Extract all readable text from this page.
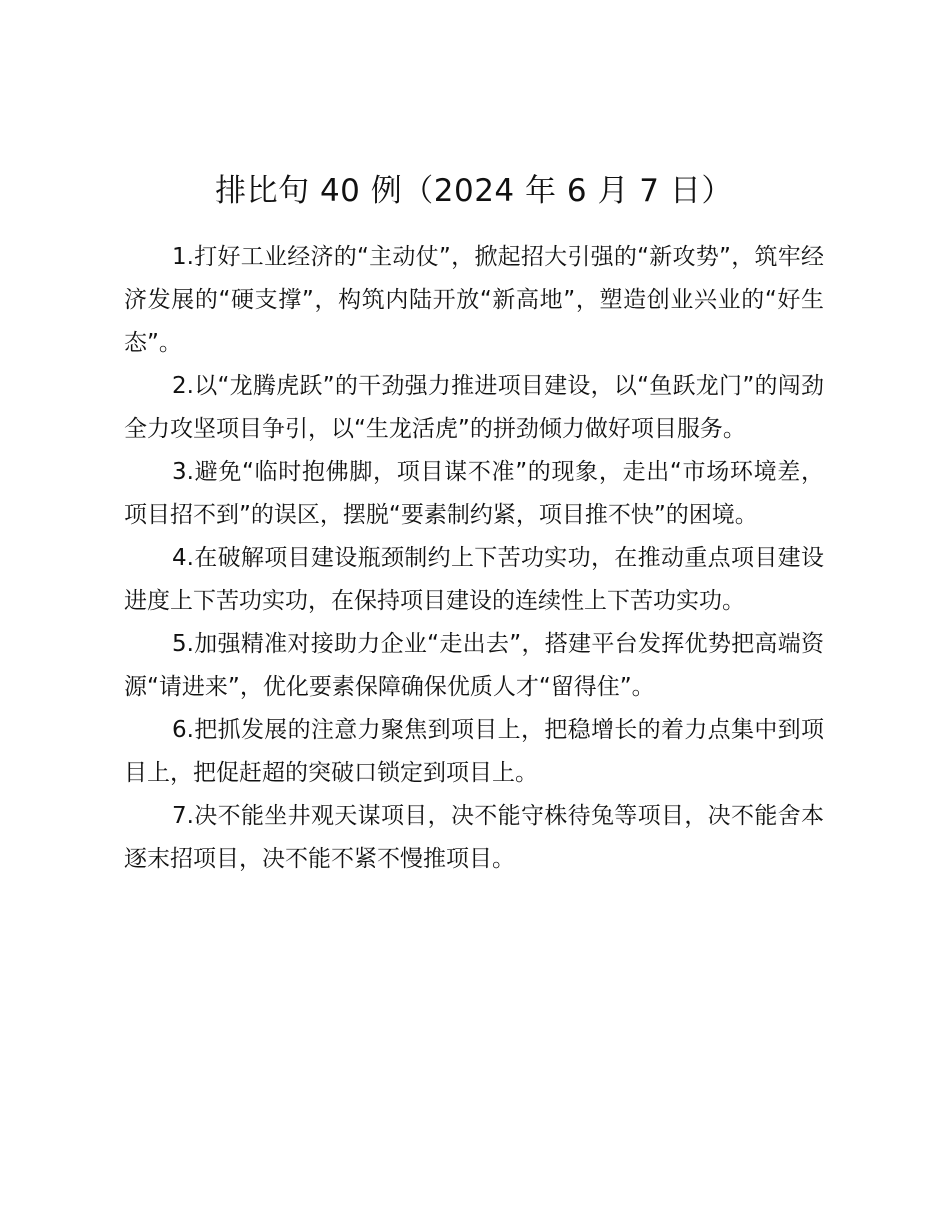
排比句 40 例（2024 年 6 月 7 日）

1.打好工业经济的“主动仗”，掀起招大引强的“新攻势”，筑牢经济发展的“硬支撑”，构筑内陆开放“新高地”，塑造创业兴业的“好生态”。

2.以“龙腾虎跃”的干劲强力推进项目建设，以“鱼跃龙门”的闯劲全力攻坚项目争引，以“生龙活虎”的拼劲倾力做好项目服务。

3.避免“临时抱佛脚，项目谋不准”的现象，走出“市场环境差，项目招不到”的误区，摆脱“要素制约紧，项目推不快”的困境。

4.在破解项目建设瓶颈制约上下苦功实功，在推动重点项目建设进度上下苦功实功，在保持项目建设的连续性上下苦功实功。

5.加强精准对接助力企业“走出去”，搭建平台发挥优势把高端资源“请进来”，优化要素保障确保优质人才“留得住”。

6.把抓发展的注意力聚焦到项目上，把稳增长的着力点集中到项目上，把促赶超的突破口锁定到项目上。

7.决不能坐井观天谋项目，决不能守株待兔等项目，决不能舍本逐末招项目，决不能不紧不慢推项目。
